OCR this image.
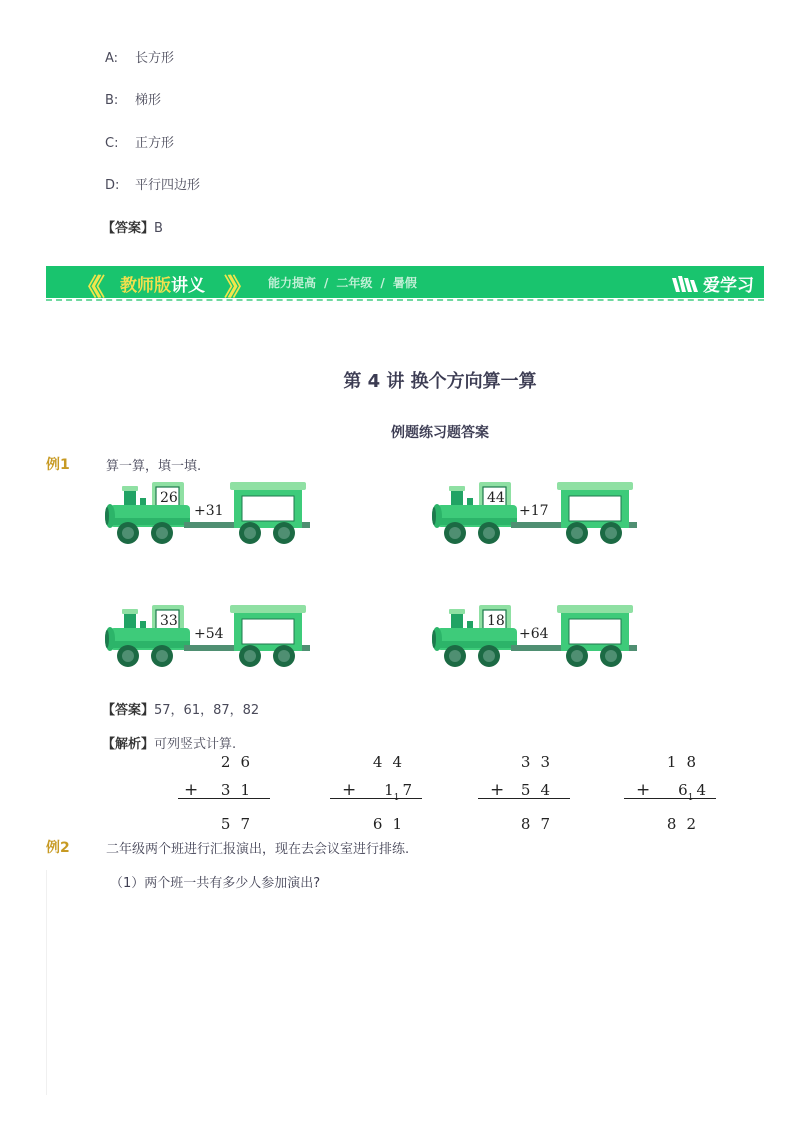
A: 长方形
B: 梯形
C: 正方形
D: 平行四边形
【答案】B
《《 教师版讲义 》》 能力提高 / 二年级 / 暑假	爱学习
第 4 讲 换个方向算一算
例题练习题答案
例1	算一算，填一填.
26
+31
44
+17
33
+54
18
+64
【答案】57，61，87，82
【解析】可列竖式计算.
26
+ 31
57
44
+ $1_1$ 7
61
33
+ 54
87
18
+ $6_1$ 4
82
例2	二年级两个班进行汇报演出，现在去会议室进行排练.
（1）两个班一共有多少人参加演出?
